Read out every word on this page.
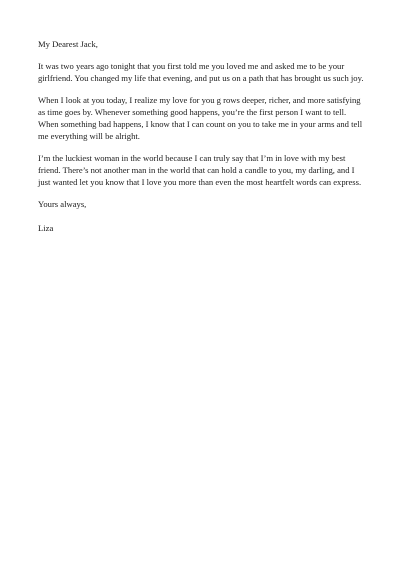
My Dearest Jack,

It was two years ago tonight that you first told me you loved me and asked me to be your girlfriend. You changed my life that evening, and put us on a path that has brought us such joy.

When I look at you today, I realize my love for you g rows deeper, richer, and more satisfying as time goes by. Whenever something good happens, you’re the first person I want to tell. When something bad happens, I know that I can count on you to take me in your arms and tell me everything will be alright.

I’m the luckiest woman in the world because I can truly say that I’m in love with my best friend. There’s not another man in the world that can hold a candle to you, my darling, and I just wanted let you know that I love you more than even the most heartfelt words can express.

Yours always,

Liza
